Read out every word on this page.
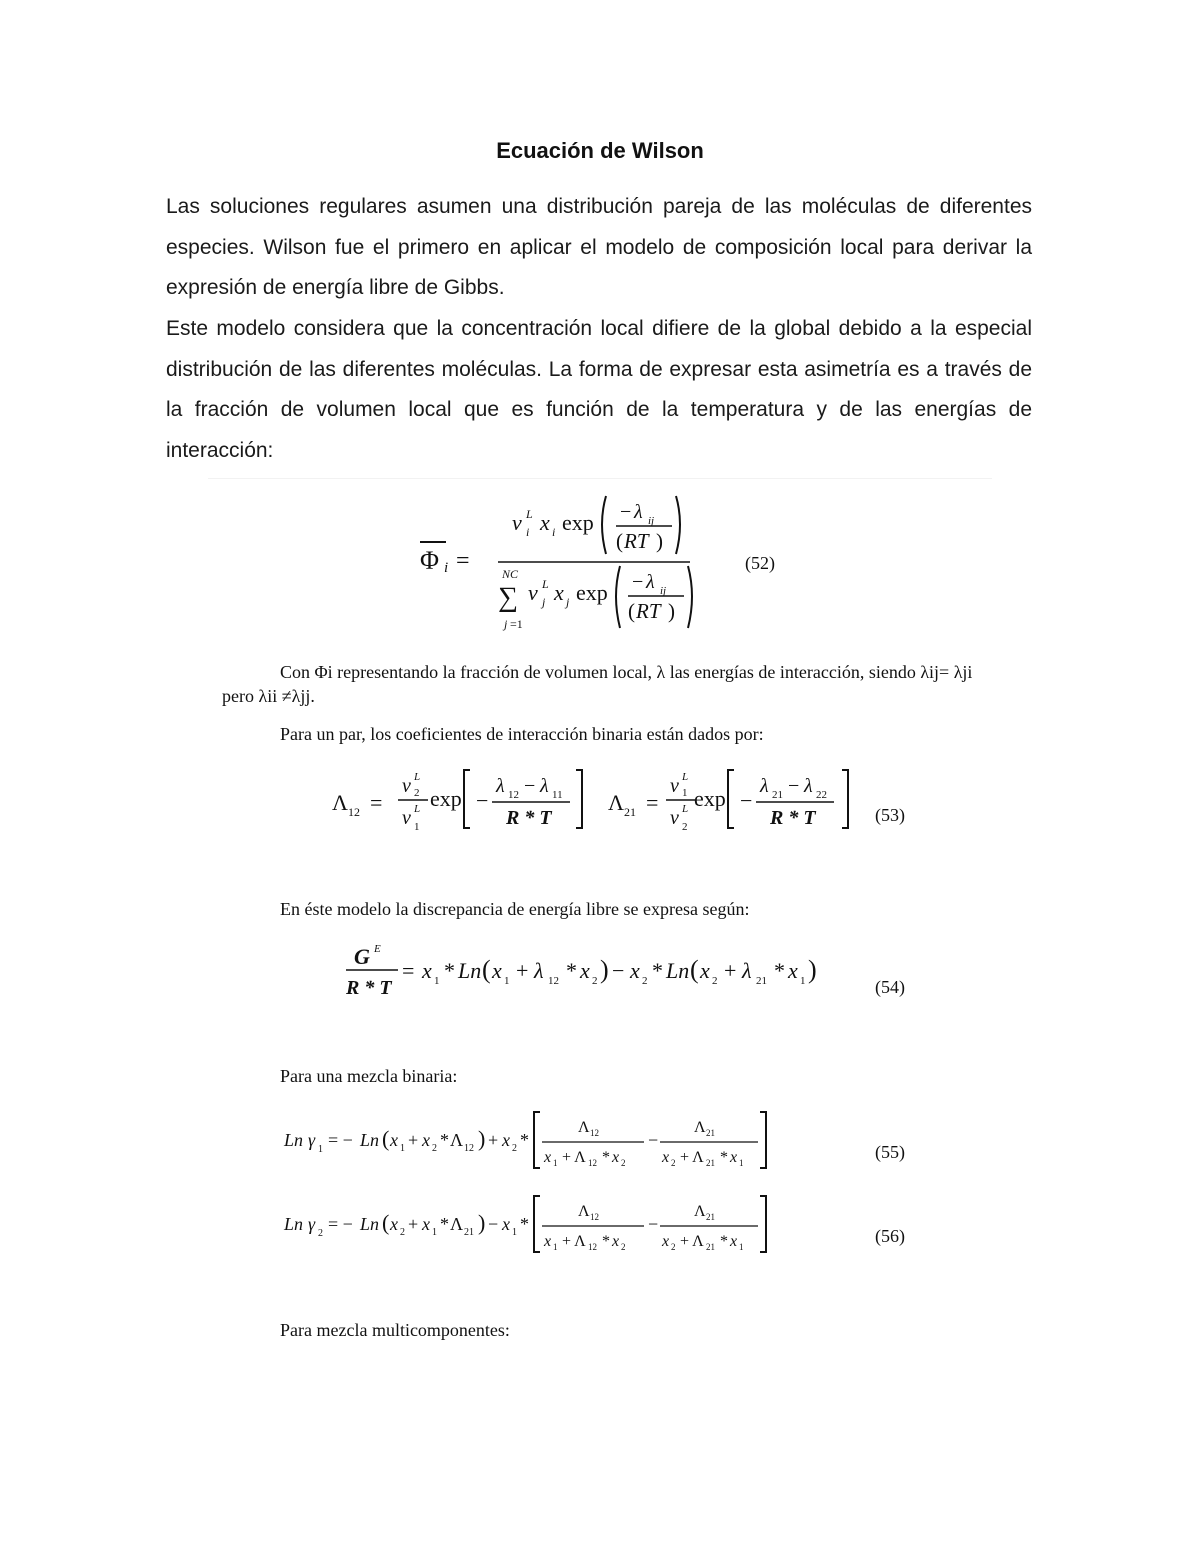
Ecuación de Wilson
Las soluciones regulares asumen una distribución pareja de las moléculas de diferentes especies. Wilson fue el primero en aplicar el modelo de composición local para derivar la expresión de energía libre de Gibbs.
Este modelo considera que la concentración local difiere de la global debido a la especial distribución de las diferentes moléculas. La forma de expresar esta asimetría es a través de la fracción de volumen local que es función de la temperatura y de las energías de interacción:
Φ i =
ν L
i x i exp − λ ij
( RT )
NC
∑
j =1
ν L
j x j exp − λ ij
( RT )
(52)
Con Φi representando la fracción de volumen local, λ las energías de interacción, siendo λij= λji
pero λii ≠λjj.
Para un par, los coeficientes de interacción binaria están dados por:
Λ 12 =
ν L
2
ν L
1
exp −
λ 12 − λ 11
R * T
Λ 21 =
ν L
1
ν L
2
exp −
λ 21 − λ 22
R * T	(53)
En éste modelo la discrepancia de energía libre se expresa según:
G E
R * T
= x 1 * Ln ( x 1 + λ 12 * x 2 ) − x 2 * Ln ( x 2 + λ 21 * x 1 )
(54)
Para una mezcla binaria:
Ln γ 1 = − Ln ( x 1 + x 2 * Λ 12 ) + x 2 *
Λ 12
x 1 + Λ 12 * x 2
−
Λ 21
x 2 + Λ 21 * x 1
(55)
Ln γ 2 = − Ln ( x 2 + x 1 * Λ 21 ) − x 1 *
Λ 12
x 1 + Λ 12 * x 2
−
Λ 21
x 2 + Λ 21 * x 1
(56)
Para mezcla multicomponentes:
